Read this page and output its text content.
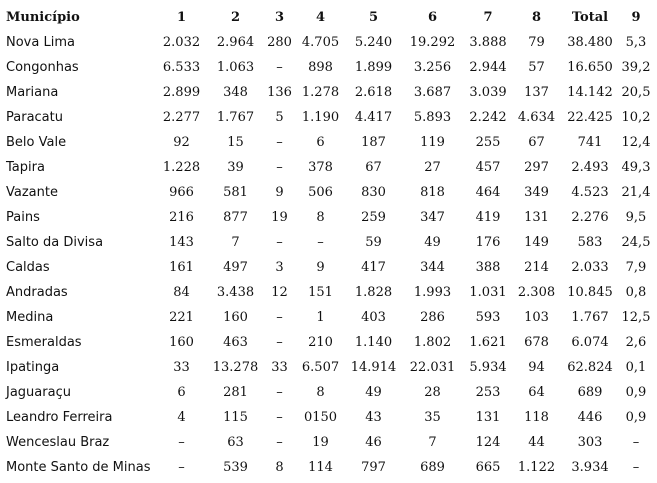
Município	1	2	3	4	5	6	7	8	Total	9
Nova Lima	2.032	2.964	280	4.705	5.240	19.292	3.888	79	38.480	5,3
Congonhas	6.533	1.063	–	898	1.899	3.256	2.944	57	16.650	39,2
Mariana	2.899	348	136	1.278	2.618	3.687	3.039	137	14.142	20,5
Paracatu	2.277	1.767	5	1.190	4.417	5.893	2.242	4.634	22.425	10,2
Belo Vale	92	15	–	6	187	119	255	67	741	12,4
Tapira	1.228	39	–	378	67	27	457	297	2.493	49,3
Vazante	966	581	9	506	830	818	464	349	4.523	21,4
Pains	216	877	19	8	259	347	419	131	2.276	9,5
Salto da Divisa	143	7	–	–	59	49	176	149	583	24,5
Caldas	161	497	3	9	417	344	388	214	2.033	7,9
Andradas	84	3.438	12	151	1.828	1.993	1.031	2.308	10.845	0,8
Medina	221	160	–	1	403	286	593	103	1.767	12,5
Esmeraldas	160	463	–	210	1.140	1.802	1.621	678	6.074	2,6
Ipatinga	33	13.278	33	6.507	14.914	22.031	5.934	94	62.824	0,1
Jaguaraçu	6	281	–	8	49	28	253	64	689	0,9
Leandro Ferreira	4	115	–	0150	43	35	131	118	446	0,9
Wenceslau Braz	–	63	–	19	46	7	124	44	303	–
Monte Santo de Minas	–	539	8	114	797	689	665	1.122	3.934	–
